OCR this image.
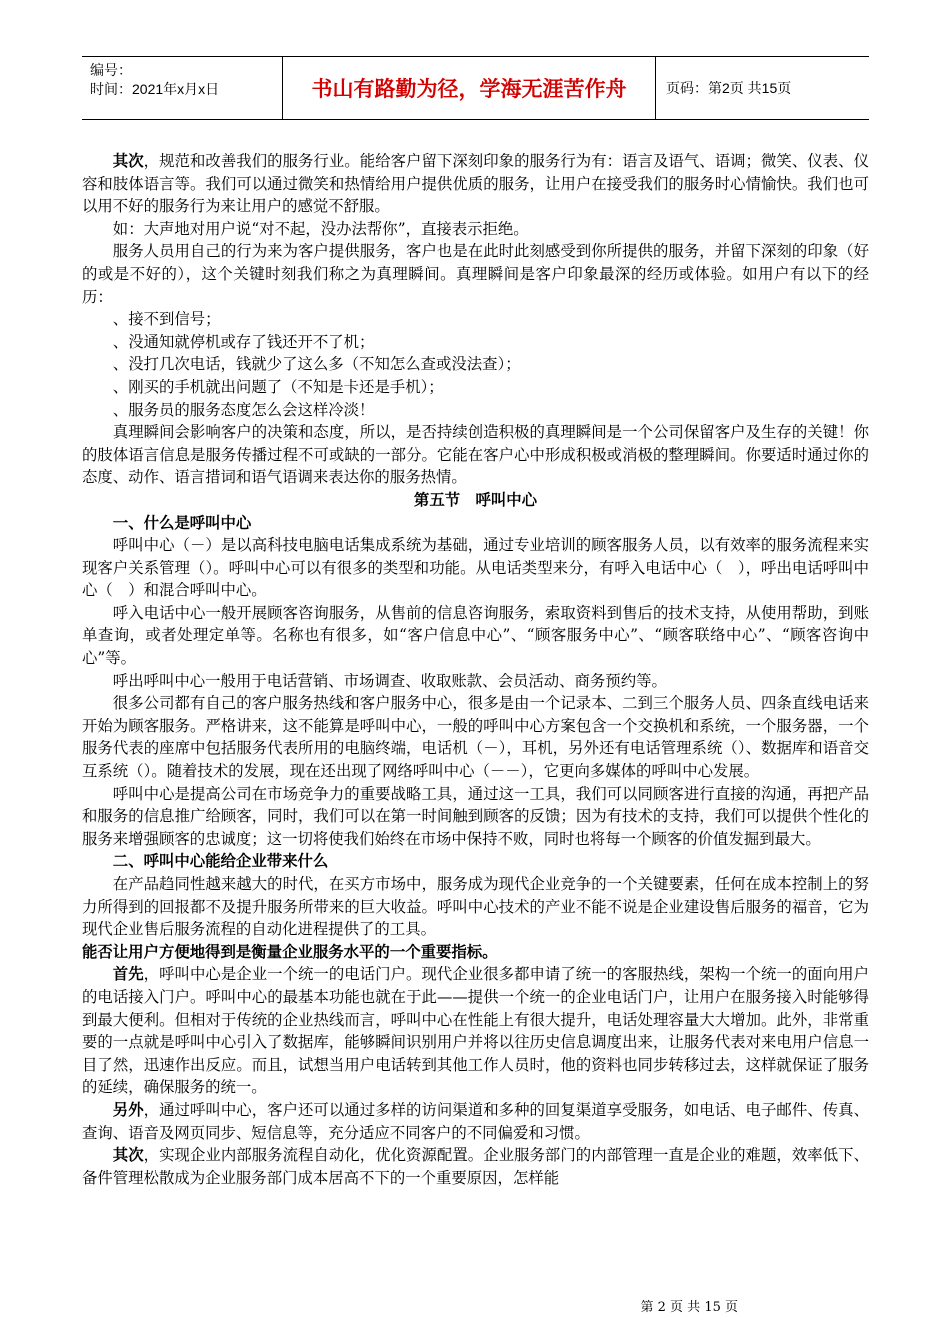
编号：
时间：2021年x月x日	书山有路勤为径，学海无涯苦作舟	页码：第2页 共15页

其次，规范和改善我们的服务行业。能给客户留下深刻印象的服务行为有：语言及语气、语调；微笑、仪表、仪容和肢体语言等。我们可以通过微笑和热情给用户提供优质的服务，让用户在接受我们的服务时心情愉快。我们也可以用不好的服务行为来让用户的感觉不舒服。

如：大声地对用户说“对不起，没办法帮你”，直接表示拒绝。

服务人员用自己的行为来为客户提供服务，客户也是在此时此刻感受到你所提供的服务，并留下深刻的印象（好的或是不好的），这个关键时刻我们称之为真理瞬间。真理瞬间是客户印象最深的经历或体验。如用户有以下的经历：

、接不到信号；

、没通知就停机或存了钱还开不了机；

、没打几次电话，钱就少了这么多（不知怎么查或没法查）；

、刚买的手机就出问题了（不知是卡还是手机）；

、服务员的服务态度怎么会这样冷淡！

真理瞬间会影响客户的决策和态度，所以，是否持续创造积极的真理瞬间是一个公司保留客户及生存的关键！你的肢体语言信息是服务传播过程不可或缺的一部分。它能在客户心中形成积极或消极的整理瞬间。你要适时通过你的态度、动作、语言措词和语气语调来表达你的服务热情。

第五节　呼叫中心

一、什么是呼叫中心

呼叫中心（－）是以高科技电脑电话集成系统为基础，通过专业培训的顾客服务人员，以有效率的服务流程来实现客户关系管理（）。呼叫中心可以有很多的类型和功能。从电话类型来分，有呼入电话中心（　），呼出电话呼叫中心（　）和混合呼叫中心。

呼入电话中心一般开展顾客咨询服务，从售前的信息咨询服务，索取资料到售后的技术支持，从使用帮助，到账单查询，或者处理定单等。名称也有很多，如“客户信息中心”、“顾客服务中心”、“顾客联络中心”、“顾客咨询中心”等。

呼出呼叫中心一般用于电话营销、市场调查、收取账款、会员活动、商务预约等。

很多公司都有自己的客户服务热线和客户服务中心，很多是由一个记录本、二到三个服务人员、四条直线电话来开始为顾客服务。严格讲来，这不能算是呼叫中心，一般的呼叫中心方案包含一个交换机和系统，一个服务器，一个服务代表的座席中包括服务代表所用的电脑终端，电话机（－），耳机，另外还有电话管理系统（）、数据库和语音交互系统（）。随着技术的发展，现在还出现了网络呼叫中心（－－），它更向多媒体的呼叫中心发展。

呼叫中心是提高公司在市场竞争力的重要战略工具，通过这一工具，我们可以同顾客进行直接的沟通，再把产品和服务的信息推广给顾客，同时，我们可以在第一时间触到顾客的反馈；因为有技术的支持，我们可以提供个性化的服务来增强顾客的忠诚度；这一切将使我们始终在市场中保持不败，同时也将每一个顾客的价值发掘到最大。

二、呼叫中心能给企业带来什么

在产品趋同性越来越大的时代，在买方市场中，服务成为现代企业竞争的一个关键要素，任何在成本控制上的努力所得到的回报都不及提升服务所带来的巨大收益。呼叫中心技术的产业不能不说是企业建设售后服务的福音，它为现代企业售后服务流程的自动化进程提供了的工具。

能否让用户方便地得到是衡量企业服务水平的一个重要指标。

首先，呼叫中心是企业一个统一的电话门户。现代企业很多都申请了统一的客服热线，架构一个统一的面向用户的电话接入门户。呼叫中心的最基本功能也就在于此——提供一个统一的企业电话门户，让用户在服务接入时能够得到最大便利。但相对于传统的企业热线而言，呼叫中心在性能上有很大提升，电话处理容量大大增加。此外，非常重要的一点就是呼叫中心引入了数据库，能够瞬间识别用户并将以往历史信息调度出来，让服务代表对来电用户信息一目了然，迅速作出反应。而且，试想当用户电话转到其他工作人员时，他的资料也同步转移过去，这样就保证了服务的延续，确保服务的统一。

另外，通过呼叫中心，客户还可以通过多样的访问渠道和多种的回复渠道享受服务，如电话、电子邮件、传真、查询、语音及网页同步、短信息等，充分适应不同客户的不同偏爱和习惯。

其次，实现企业内部服务流程自动化，优化资源配置。企业服务部门的内部管理一直是企业的难题，效率低下、备件管理松散成为企业服务部门成本居高不下的一个重要原因，怎样能

第 2 页 共 15 页
